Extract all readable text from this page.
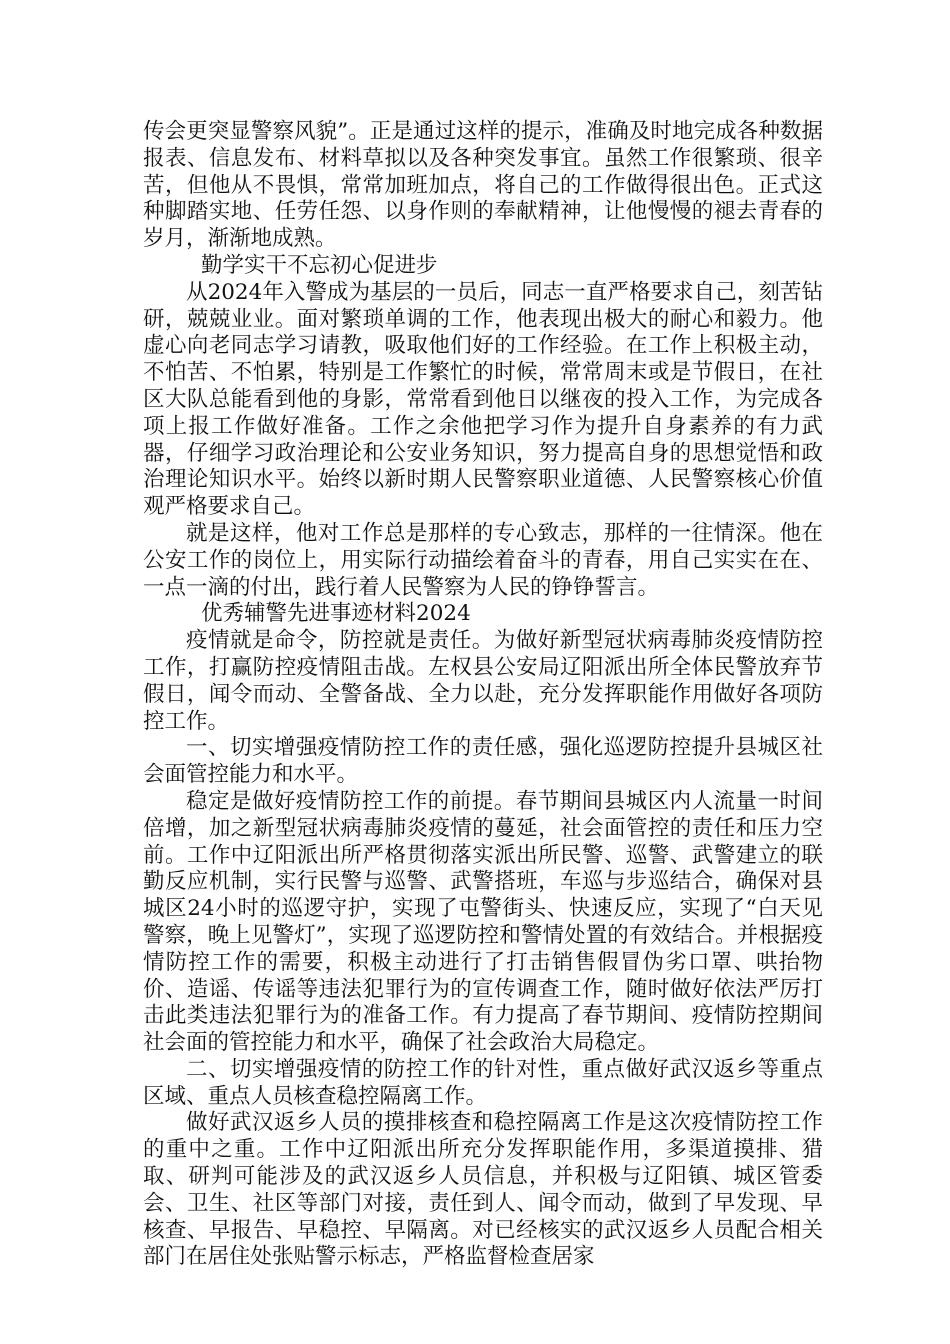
传会更突显警察风貌”。正是通过这样的提示，准确及时地完成各种数据报表、信息发布、材料草拟以及各种突发事宜。虽然工作很繁琐、很辛苦，但他从不畏惧，常常加班加点，将自己的工作做得很出色。正式这种脚踏实地、任劳任怨、以身作则的奉献精神，让他慢慢的褪去青春的岁月，渐渐地成熟。

勤学实干不忘初心促进步

从2024年入警成为基层的一员后，同志一直严格要求自己，刻苦钻研，兢兢业业。面对繁琐单调的工作，他表现出极大的耐心和毅力。他虚心向老同志学习请教，吸取他们好的工作经验。在工作上积极主动，不怕苦、不怕累，特别是工作繁忙的时候，常常周末或是节假日，在社区大队总能看到他的身影，常常看到他日以继夜的投入工作，为完成各项上报工作做好准备。工作之余他把学习作为提升自身素养的有力武器，仔细学习政治理论和公安业务知识，努力提高自身的思想觉悟和政治理论知识水平。始终以新时期人民警察职业道德、人民警察核心价值观严格要求自己。

就是这样，他对工作总是那样的专心致志，那样的一往情深。他在公安工作的岗位上，用实际行动描绘着奋斗的青春，用自己实实在在、一点一滴的付出，践行着人民警察为人民的铮铮誓言。

优秀辅警先进事迹材料2024

疫情就是命令，防控就是责任。为做好新型冠状病毒肺炎疫情防控工作，打赢防控疫情阻击战。左权县公安局辽阳派出所全体民警放弃节假日，闻令而动、全警备战、全力以赴，充分发挥职能作用做好各项防控工作。

一、切实增强疫情防控工作的责任感，强化巡逻防控提升县城区社会面管控能力和水平。

稳定是做好疫情防控工作的前提。春节期间县城区内人流量一时间倍增，加之新型冠状病毒肺炎疫情的蔓延，社会面管控的责任和压力空前。工作中辽阳派出所严格贯彻落实派出所民警、巡警、武警建立的联勤反应机制，实行民警与巡警、武警搭班，车巡与步巡结合，确保对县城区24小时的巡逻守护，实现了屯警街头、快速反应，实现了“白天见警察，晚上见警灯”，实现了巡逻防控和警情处置的有效结合。并根据疫情防控工作的需要，积极主动进行了打击销售假冒伪劣口罩、哄抬物价、造谣、传谣等违法犯罪行为的宣传调查工作，随时做好依法严厉打击此类违法犯罪行为的准备工作。有力提高了春节期间、疫情防控期间社会面的管控能力和水平，确保了社会政治大局稳定。

二、切实增强疫情的防控工作的针对性，重点做好武汉返乡等重点区域、重点人员核查稳控隔离工作。

做好武汉返乡人员的摸排核查和稳控隔离工作是这次疫情防控工作的重中之重。工作中辽阳派出所充分发挥职能作用，多渠道摸排、猎取、研判可能涉及的武汉返乡人员信息，并积极与辽阳镇、城区管委会、卫生、社区等部门对接，责任到人、闻令而动，做到了早发现、早核查、早报告、早稳控、早隔离。对已经核实的武汉返乡人员配合相关部门在居住处张贴警示标志，严格监督检查居家
